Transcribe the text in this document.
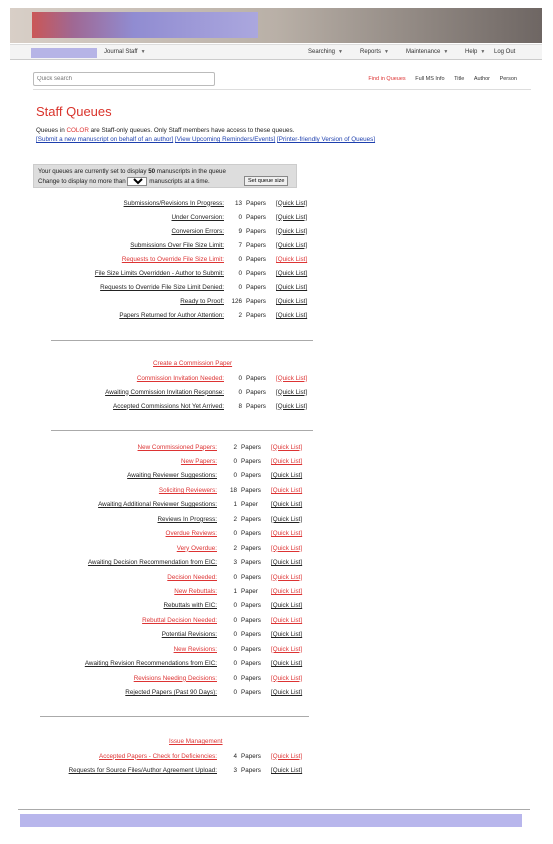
Journal Staff ▼	Searching ▼	Reports ▼	Maintenance ▼	Help ▼ Log Out
Quick search
Find in Queues Full MS Info Title Author Person
Staff Queues
Queues in COLOR are Staff-only queues. Only Staff members have access to these queues.
[Submit a new manuscript on behalf of an author] [View Upcoming Reminders/Events] [Printer-friendly Version of Queues]
Your queues are currently set to display 50 manuscripts in the queue
Change to display no more than
50	manuscripts at a time.	Set queue size
Submissions/Revisions In Progress: 13 Papers [Quick List]
Under Conversion: 0 Papers [Quick List]
Conversion Errors: 9 Papers [Quick List]
Submissions Over File Size Limit: 7 Papers [Quick List]
Requests to Override File Size Limit: 0 Papers [Quick List]
File Size Limits Overridden - Author to Submit: 0 Papers [Quick List]
Requests to Override File Size Limit Denied: 0 Papers [Quick List]
Ready to Proof: 126 Papers [Quick List]
Papers Returned for Author Attention: 2 Papers [Quick List]
Commission Invitation Needed: 0 Papers [Quick List]
Awaiting Commission Invitation Response: 0 Papers [Quick List]
Accepted Commissions Not Yet Arrived: 8 Papers [Quick List]
New Commissioned Papers:	2 Papers [Quick List]
New Papers:	0 Papers [Quick List]
Awaiting Reviewer Suggestions:	0 Papers [Quick List]
Soliciting Reviewers: 18 Papers [Quick List]
Awaiting Additional Reviewer Suggestions:	1 Paper [Quick List]
Reviews In Progress:	2 Papers [Quick List]
Overdue Reviews:	0 Papers [Quick List]
Very Overdue:	2 Papers [Quick List]
Awaiting Decision Recommendation from EIC:	3 Papers [Quick List]
Decision Needed:	0 Papers [Quick List]
New Rebuttals:	1 Paper [Quick List]
Rebuttals with EIC:	0 Papers [Quick List]
Rebuttal Decision Needed:	0 Papers [Quick List]
Potential Revisions:	0 Papers [Quick List]
New Revisions:	0 Papers [Quick List]
Awaiting Revision Recommendations from EIC:	0 Papers [Quick List]
Revisions Needing Decisions:	0 Papers [Quick List]
Rejected Papers (Past 90 Days):	0 Papers [Quick List]
Accepted Papers - Check for Deficiencies:	4 Papers [Quick List]
Requests for Source Files/Author Agreement Upload:	3 Papers [Quick List]
Create a Commission Paper
Issue Management
